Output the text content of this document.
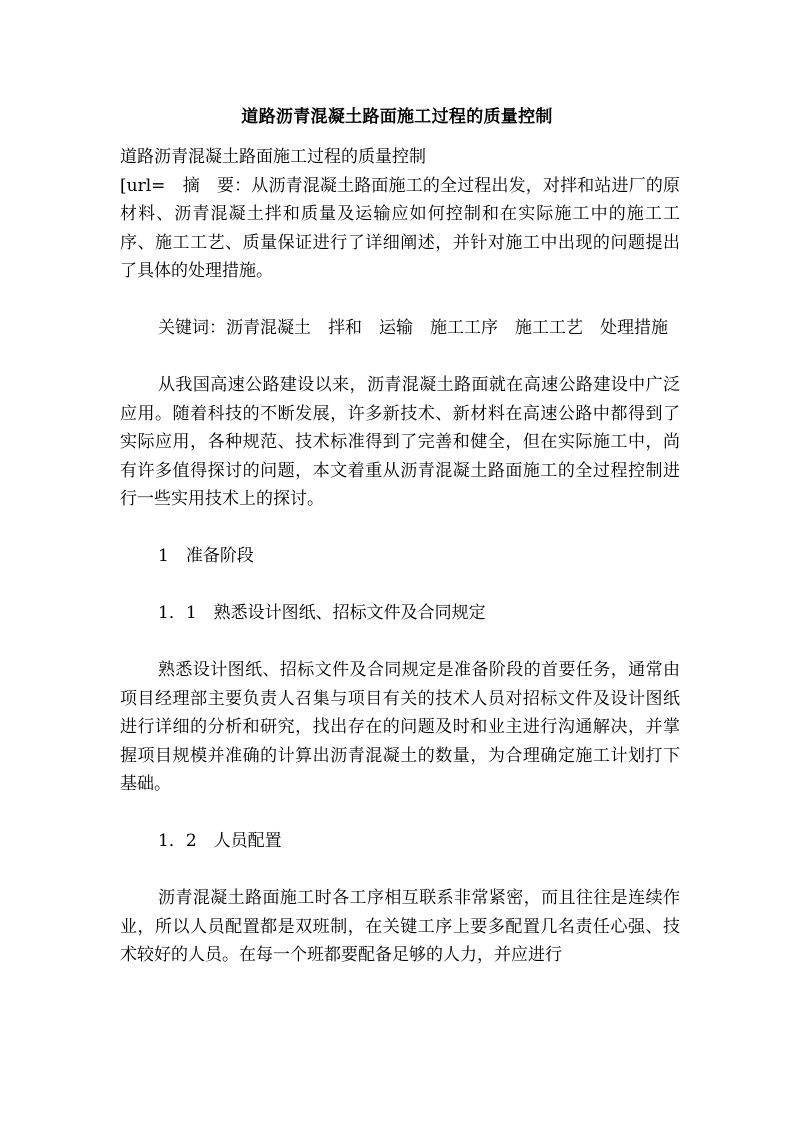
道路沥青混凝土路面施工过程的质量控制

道路沥青混凝土路面施工过程的质量控制

[url=　摘　要：从沥青混凝土路面施工的全过程出发，对拌和站进厂的原材料、沥青混凝土拌和质量及运输应如何控制和在实际施工中的施工工序、施工工艺、质量保证进行了详细阐述，并针对施工中出现的问题提出了具体的处理措施。

关键词：沥青混凝土　拌和　运输　施工工序　施工工艺　处理措施

从我国高速公路建设以来，沥青混凝土路面就在高速公路建设中广泛应用。随着科技的不断发展，许多新技术、新材料在高速公路中都得到了实际应用，各种规范、技术标准得到了完善和健全，但在实际施工中，尚有许多值得探讨的问题，本文着重从沥青混凝土路面施工的全过程控制进行一些实用技术上的探讨。

1　准备阶段

1．1　熟悉设计图纸、招标文件及合同规定

熟悉设计图纸、招标文件及合同规定是准备阶段的首要任务，通常由项目经理部主要负责人召集与项目有关的技术人员对招标文件及设计图纸进行详细的分析和研究，找出存在的问题及时和业主进行沟通解决，并掌握项目规模并准确的计算出沥青混凝土的数量，为合理确定施工计划打下基础。

1．2　人员配置

沥青混凝土路面施工时各工序相互联系非常紧密，而且往往是连续作业，所以人员配置都是双班制，在关键工序上要多配置几名责任心强、技术较好的人员。在每一个班都要配备足够的人力，并应进行
